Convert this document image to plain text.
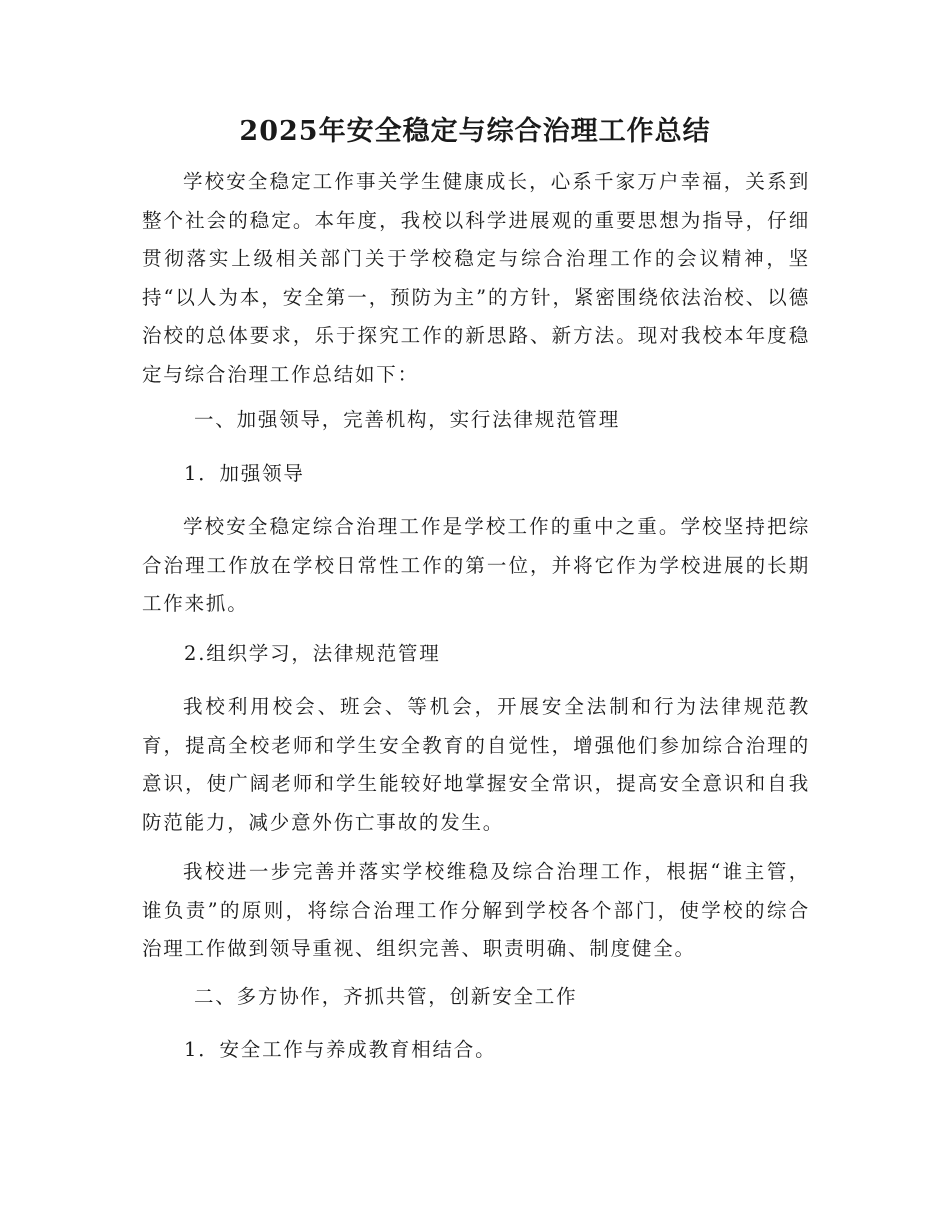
2025年安全稳定与综合治理工作总结

学校安全稳定工作事关学生健康成长，心系千家万户幸福，关系到整个社会的稳定。本年度，我校以科学进展观的重要思想为指导，仔细贯彻落实上级相关部门关于学校稳定与综合治理工作的会议精神，坚持“以人为本，安全第一，预防为主”的方针，紧密围绕依法治校、以德治校的总体要求，乐于探究工作的新思路、新方法。现对我校本年度稳定与综合治理工作总结如下：

一、加强领导，完善机构，实行法律规范管理

1．加强领导

学校安全稳定综合治理工作是学校工作的重中之重。学校坚持把综合治理工作放在学校日常性工作的第一位，并将它作为学校进展的长期工作来抓。

2.组织学习，法律规范管理

我校利用校会、班会、等机会，开展安全法制和行为法律规范教育，提高全校老师和学生安全教育的自觉性，增强他们参加综合治理的意识，使广阔老师和学生能较好地掌握安全常识，提高安全意识和自我防范能力，减少意外伤亡事故的发生。

我校进一步完善并落实学校维稳及综合治理工作，根据“谁主管，谁负责”的原则，将综合治理工作分解到学校各个部门，使学校的综合治理工作做到领导重视、组织完善、职责明确、制度健全。

二、多方协作，齐抓共管，创新安全工作

1．安全工作与养成教育相结合。
